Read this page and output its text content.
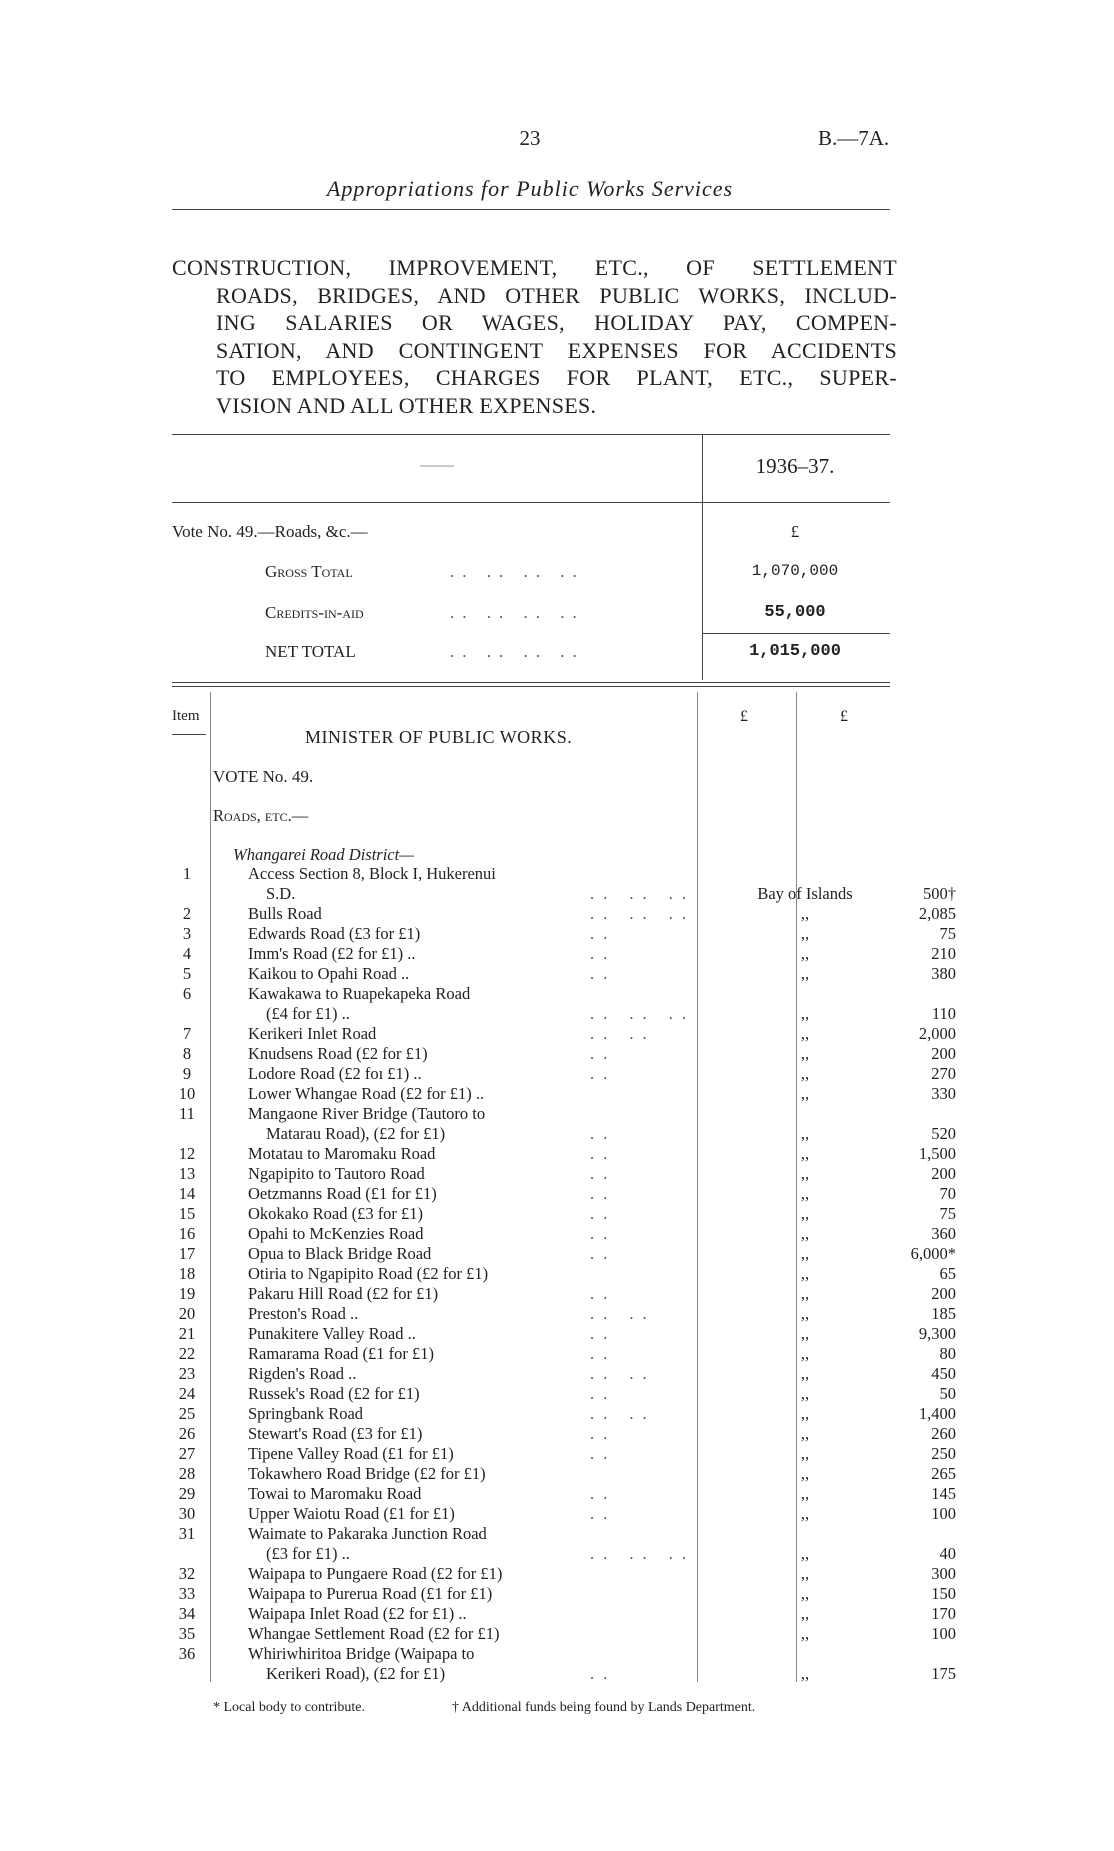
23	B.—7A.
Appropriations for Public Works Services
CONSTRUCTION, IMPROVEMENT, ETC., OF SETTLEMENT
ROADS, BRIDGES, AND OTHER PUBLIC WORKS, INCLUD-
ING SALARIES OR WAGES, HOLIDAY PAY, COMPEN-
SATION, AND CONTINGENT EXPENSES FOR ACCIDENTS
TO EMPLOYEES, CHARGES FOR PLANT, ETC., SUPER-
VISION AND ALL OTHER EXPENSES.
——	1936–37.
Vote No. 49.—Roads, &c.—	£
Gross Total	.. .. .. ..	1,070,000
Credits-in-aid	.. .. .. ..	55,000
NET TOTAL	.. .. .. ..	1,015,000
Item	£	£
MINISTER OF PUBLIC WORKS.
VOTE No. 49.
Roads, etc.—
Whangarei Road District—
1	Access Section 8, Block I, Hukerenui
S.D.	.. .. ..	Bay of Islands	500†
2	Bulls Road	.. .. ..	,,	2,085
3	Edwards Road (£3 for £1)	..	,,	75
4	Imm's Road (£2 for £1) ..	..	,,	210
5	Kaikou to Opahi Road ..	..	,,	380
6	Kawakawa to Ruapekapeka Road
(£4 for £1) ..	.. .. ..	,,	110
7	Kerikeri Inlet Road	.. ..	,,	2,000
8	Knudsens Road (£2 for £1)	..	,,	200
9	Lodore Road (£2 foı £1) ..	..	,,	270
10	Lower Whangae Road (£2 for £1) ..	,,	330
11	Mangaone River Bridge (Tautoro to
Matarau Road), (£2 for £1)	..	,,	520
12	Motatau to Maromaku Road	..	,,	1,500
13	Ngapipito to Tautoro Road	..	,,	200
14	Oetzmanns Road (£1 for £1)	..	,,	70
15	Okokako Road (£3 for £1)	..	,,	75
16	Opahi to McKenzies Road	..	,,	360
17	Opua to Black Bridge Road	..	,,	6,000*
18	Otiria to Ngapipito Road (£2 for £1)	,,	65
19	Pakaru Hill Road (£2 for £1)	..	,,	200
20	Preston's Road ..	.. ..	,,	185
21	Punakitere Valley Road ..	..	,,	9,300
22	Ramarama Road (£1 for £1)	..	,,	80
23	Rigden's Road ..	.. ..	,,	450
24	Russek's Road (£2 for £1)	..	,,	50
25	Springbank Road	.. ..	,,	1,400
26	Stewart's Road (£3 for £1)	..	,,	260
27	Tipene Valley Road (£1 for £1)	..	,,	250
28	Tokawhero Road Bridge (£2 for £1)	,,	265
29	Towai to Maromaku Road	..	,,	145
30	Upper Waiotu Road (£1 for £1)	..	,,	100
31	Waimate to Pakaraka Junction Road
(£3 for £1) ..	.. .. ..	,,	40
32	Waipapa to Pungaere Road (£2 for £1)	,,	300
33	Waipapa to Purerua Road (£1 for £1)	,,	150
34	Waipapa Inlet Road (£2 for £1) ..	,,	170
35	Whangae Settlement Road (£2 for £1)	,,	100
36	Whiriwhiritoa Bridge (Waipapa to
Kerikeri Road), (£2 for £1)	..	,,	175
* Local body to contribute.	† Additional funds being found by Lands Department.
